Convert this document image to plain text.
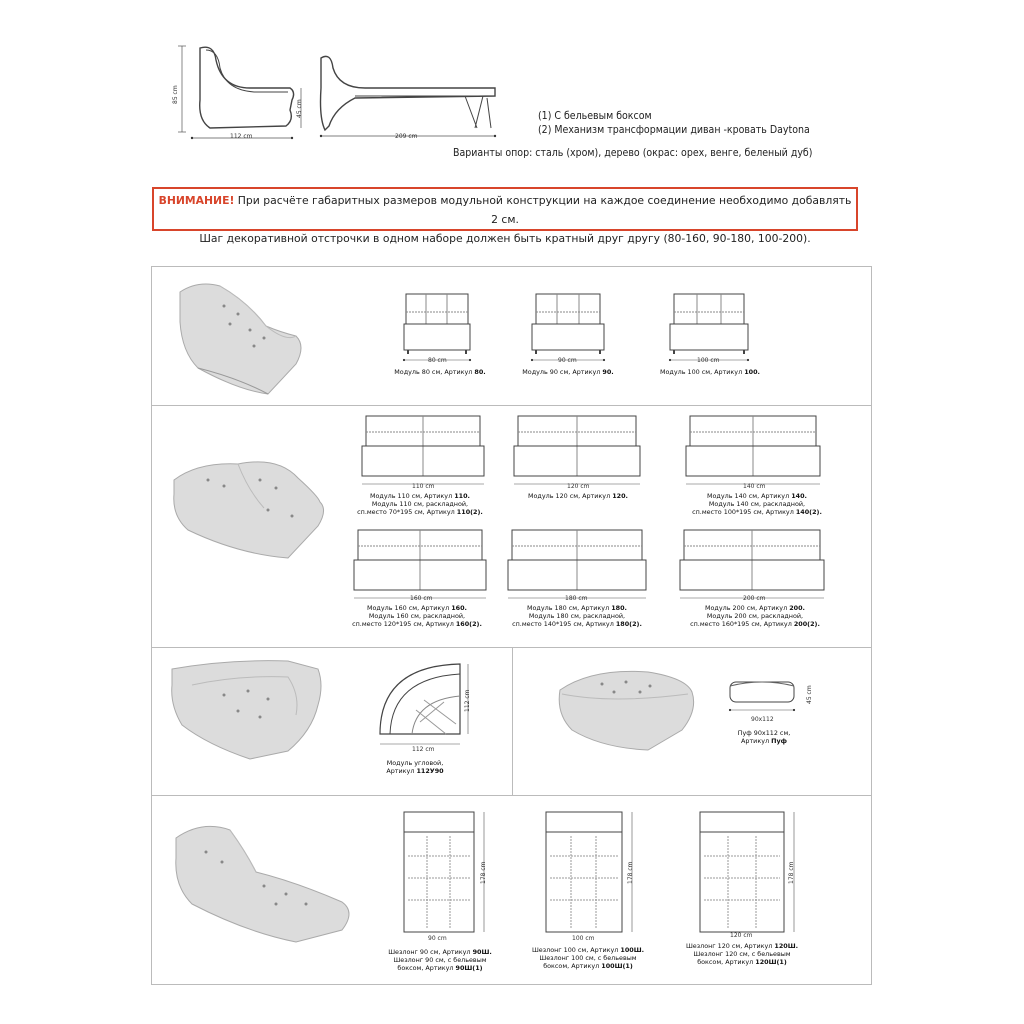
85 cm
112 cm
45 cm
209 cm
(1) С бельевым боксом
(2) Механизм трансформации диван -кровать Daytona
Варианты опор: сталь (хром), дерево (окрас: орех, венге, беленый дуб)
ВНИМАНИЕ! При расчёте габаритных размеров модульной конструкции на каждое соединение необходимо добавлять 2 см.
Шаг декоративной отстрочки в одном наборе должен быть кратный друг другу (80-160, 90-180, 100-200).
80 cm
Модуль 80 см, Артикул 80.
90 cm
Модуль 90 см, Артикул 90.
100 cm
Модуль 100 см, Артикул 100.
110 cm
Модуль 110 см, Артикул 110.
Модуль 110 см, раскладной,
сп.место 70*195 см, Артикул 110(2).
120 cm
Модуль 120 см, Артикул 120.
140 cm
Модуль 140 см, Артикул 140.
Модуль 140 см, раскладной,
сп.место 100*195 см, Артикул 140(2).
160 cm
Модуль 160 см, Артикул 160.
Модуль 160 см, раскладной,
сп.место 120*195 см, Артикул 160(2).
180 cm
Модуль 180 см, Артикул 180.
Модуль 180 см, раскладной,
сп.место 140*195 см, Артикул 180(2).
200 cm
Модуль 200 см, Артикул 200.
Модуль 200 см, раскладной,
сп.место 160*195 см, Артикул 200(2).
112 cm
112 cm
Модуль угловой,
Артикул 112У90
90x112
45 cm
Пуф 90x112 см,
Артикул Пуф
90 cm
178 cm
Шезлонг 90 см, Артикул 90Ш.
Шезлонг 90 см, с бельевым
боксом, Артикул 90Ш(1)
100 cm
178 cm
Шезлонг 100 см, Артикул 100Ш.
Шезлонг 100 см, с бельевым
боксом, Артикул 100Ш(1)
120 cm
178 cm
Шезлонг 120 см, Артикул 120Ш.
Шезлонг 120 см, с бельевым
боксом, Артикул 120Ш(1)
